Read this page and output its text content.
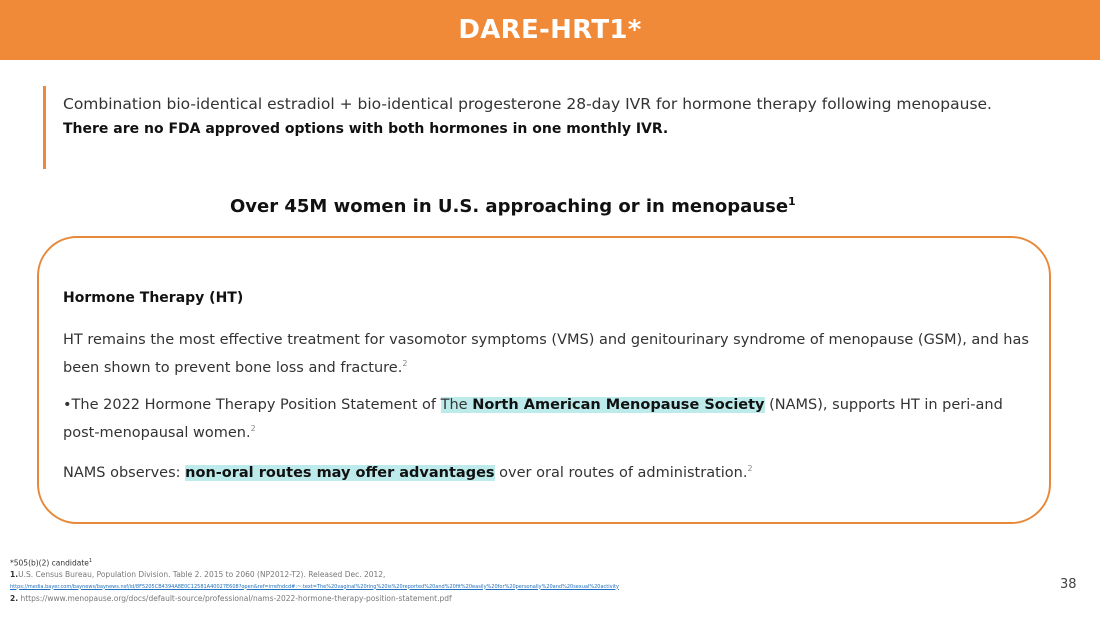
DARE-HRT1*
Combination bio-identical estradiol + bio-identical progesterone 28-day IVR for hormone therapy following menopause.
There are no FDA approved options with both hormones in one monthly IVR.
Over 45M women in U.S. approaching or in menopause$^1$
Hormone Therapy (HT)
HT remains the most effective treatment for vasomotor symptoms (VMS) and genitourinary syndrome of menopause (GSM), and has been shown to prevent bone loss and fracture.$^2$
•The 2022 Hormone Therapy Position Statement of The North American Menopause Society (NAMS), supports HT in peri-and post-menopausal women.$^2$
NAMS observes: non-oral routes may offer advantages over oral routes of administration.$^2$
*505(b)(2) candidate$^1$
1.U.S. Census Bureau, Population Division. Table 2. 2015 to 2060 (NP2012-T2). Released Dec. 2012,
https://media.bayer.com/baynews/baynews.nsf/id/8F5205CB4394A8E0C12581A40027E608?open&ref=irrefndcd#:~:text=The%20vaginal%20ring%20is%20reported%20and%20fit%20easily%20for%20personally%20and%20sexual%20activity
2. https://www.menopause.org/docs/default-source/professional/nams-2022-hormone-therapy-position-statement.pdf
38
